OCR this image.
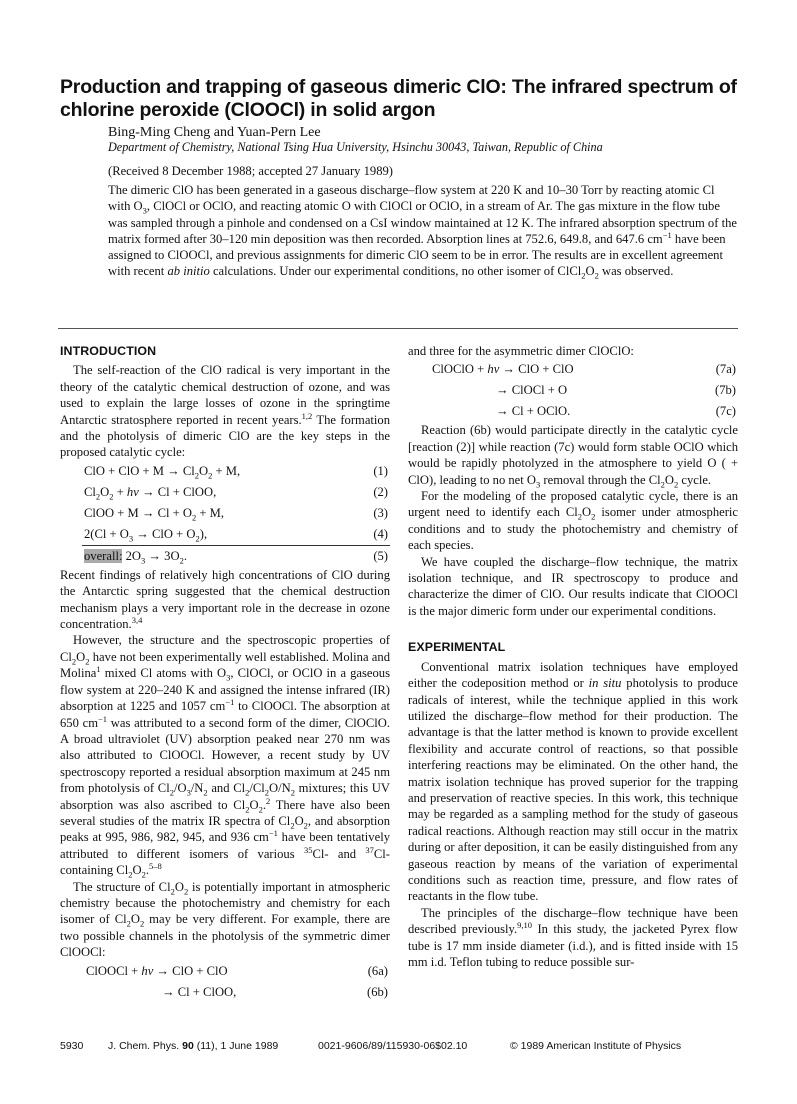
Production and trapping of gaseous dimeric ClO: The infrared spectrum of chlorine peroxide (ClOOCl) in solid argon
Bing-Ming Cheng and Yuan-Pern Lee
Department of Chemistry, National Tsing Hua University, Hsinchu 30043, Taiwan, Republic of China
(Received 8 December 1988; accepted 27 January 1989)
The dimeric ClO has been generated in a gaseous discharge–flow system at 220 K and 10–30 Torr by reacting atomic Cl with $O_3$, ClOCl or OClO, and reacting atomic O with ClOCl or OClO, in a stream of Ar. The gas mixture in the flow tube was sampled through a pinhole and condensed on a CsI window maintained at 12 K. The infrared absorption spectrum of the matrix formed after 30–120 min deposition was then recorded. Absorption lines at 752.6, 649.8, and 647.6 $cm^{-1}$ have been assigned to ClOOCl, and previous assignments for dimeric ClO seem to be in error. The results are in excellent agreement with recent ab initio calculations. Under our experimental conditions, no other isomer of $ClCl_2O_2$ was observed.
INTRODUCTION

The self-reaction of the ClO radical is very important in the theory of the catalytic chemical destruction of ozone, and was used to explain the large losses of ozone in the springtime Antarctic stratosphere reported in recent years.$^{1,2}$ The formation and the photolysis of dimeric ClO are the key steps in the proposed catalytic cycle:

ClO + ClO + $M \to Cl_2O_2 + M$,	(1)
$Cl_2O_2 + h\nu \to Cl$ + ClOO,	(2)
ClOO + $M \to Cl + O_2 + M$,	(3)
$2(Cl + O_3$ → ClO + $O_2$),	(4)
overall: $2O_3 \to 3O_2$.	(5)

Recent findings of relatively high concentrations of ClO during the Antarctic spring suggested that the chemical destruction mechanism plays a very important role in the decrease in ozone concentration.$^{3,4}$

However, the structure and the spectroscopic properties of $Cl_2O_2$ have not been experimentally well established. Molina and Molina$^1$ mixed Cl atoms with $O_3$, ClOCl, or OClO in a gaseous flow system at 220–240 K and assigned the intense infrared (IR) absorption at 1225 and 1057 $cm^{-1}$ to ClOOCl. The absorption at 650 $cm^{-1}$ was attributed to a second form of the dimer, ClOClO. A broad ultraviolet (UV) absorption peaked near 270 nm was also attributed to ClOOCl. However, a recent study by UV spectroscopy reported a residual absorption maximum at 245 nm from photolysis of $Cl_2/O_3/N_2$ and $Cl_2/Cl_2O/N_2$ mixtures; this UV absorption was also ascribed to $Cl_2O_2.^2$ There have also been several studies of the matrix IR spectra of $Cl_2O_2$, and absorption peaks at 995, 986, 982, 945, and 936 $cm^{-1}$ have been tentatively attributed to different isomers of various $^{35}$Cl- and $^{37}$Cl-containing $Cl_2O_2.^{5-8}$

The structure of $Cl_2O_2$ is potentially important in atmospheric chemistry because the photochemistry and chemistry for each isomer of $Cl_2O_2$ may be very different. For example, there are two possible channels in the photolysis of the symmetric dimer ClOOCl:

ClOOCl + hν → ClO + ClO	(6a)
→ Cl + ClOO,	(6b)

and three for the asymmetric dimer ClOClO:

ClOClO + hν → ClO + ClO	(7a)
→ ClOCl + O	(7b)
→ Cl + OClO.	(7c)

Reaction (6b) would participate directly in the catalytic cycle [reaction (2)] while reaction (7c) would form stable OClO which would be rapidly photolyzed in the atmosphere to yield O ( + ClO), leading to no net $O_3$ removal through the $Cl_2O_2$ cycle.

For the modeling of the proposed catalytic cycle, there is an urgent need to identify each $Cl_2O_2$ isomer under atmospheric conditions and to study the photochemistry and chemistry of each species.

We have coupled the discharge–flow technique, the matrix isolation technique, and IR spectroscopy to produce and characterize the dimer of ClO. Our results indicate that ClOOCl is the major dimeric form under our experimental conditions.

EXPERIMENTAL

Conventional matrix isolation techniques have employed either the codeposition method or in situ photolysis to produce radicals of interest, while the technique applied in this work utilized the discharge–flow method for their production. The advantage is that the latter method is known to provide excellent flexibility and accurate control of reactions, so that possible interfering reactions may be eliminated. On the other hand, the matrix isolation technique has proved superior for the trapping and preservation of reactive species. In this work, this technique may be regarded as a sampling method for the study of gaseous radical reactions. Although reaction may still occur in the matrix during or after deposition, it can be easily distinguished from any gaseous reaction by means of the variation of experimental conditions such as reaction time, pressure, and flow rates of reactants in the flow tube.

The principles of the discharge–flow technique have been described previously.$^{9,10}$ In this study, the jacketed Pyrex flow tube is 17 mm inside diameter (i.d.), and is fitted inside with 15 mm i.d. Teflon tubing to reduce possible sur-

5930 J. Chem. Phys. 90 (11), 1 June 1989	0021-9606/89/115930-06$02.10	© 1989 American Institute of Physics
